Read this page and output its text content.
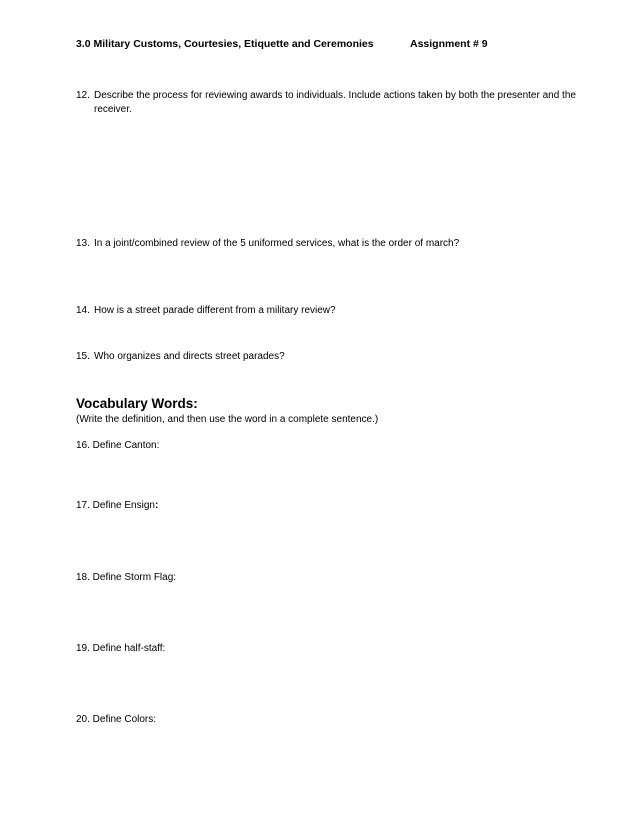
3.0 Military Customs, Courtesies, Etiquette and Ceremonies	Assignment # 9
12. Describe the process for reviewing awards to individuals. Include actions taken by both the presenter and the receiver.
13. In a joint/combined review of the 5 uniformed services, what is the order of march?
14. How is a street parade different from a military review?
15. Who organizes and directs street parades?
Vocabulary Words:
(Write the definition, and then use the word in a complete sentence.)
16. Define Canton:
17. Define Ensign:
18. Define Storm Flag:
19. Define half-staff:
20. Define Colors:
